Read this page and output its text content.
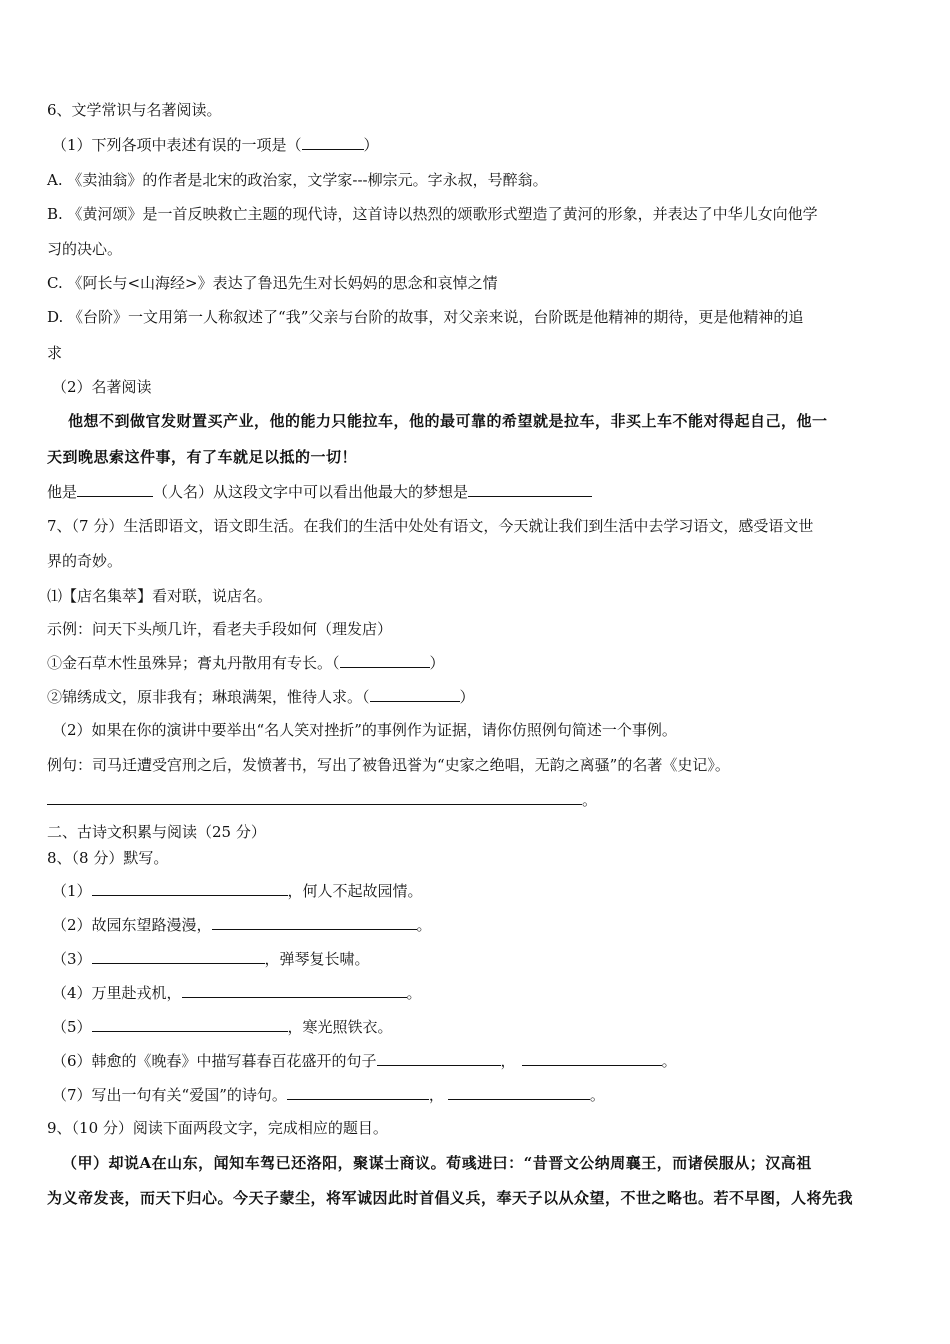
6、文学常识与名著阅读。
（1）下列各项中表述有误的一项是（	）
A. 《卖油翁》的作者是北宋的政治家，文学家---柳宗元。字永叔，号醉翁。
B. 《黄河颂》是一首反映救亡主题的现代诗，这首诗以热烈的颂歌形式塑造了黄河的形象，并表达了中华儿女向他学
习的决心。
C. 《阿长与<山海经>》表达了鲁迅先生对长妈妈的思念和哀悼之情
D. 《台阶》一文用第一人称叙述了“我”父亲与台阶的故事，对父亲来说，台阶既是他精神的期待，更是他精神的追
求
（2）名著阅读
他想不到做官发财置买产业，他的能力只能拉车，他的最可靠的希望就是拉车，非买上车不能对得起自己，他一
天到晚思索这件事，有了车就足以抵的一切！
他是	（人名）从这段文字中可以看出他最大的梦想是
7、（7 分）生活即语文，语文即生活。在我们的生活中处处有语文，今天就让我们到生活中去学习语文，感受语文世
界的奇妙。
⑴【店名集萃】看对联，说店名。
示例：问天下头颅几许，看老夫手段如何（理发店）
①金石草木性虽殊异；膏丸丹散用有专长。（	）
②锦绣成文，原非我有；琳琅满架，惟待人求。（	）
（2）如果在你的演讲中要举出“名人笑对挫折”的事例作为证据，请你仿照例句简述一个事例。
例句：司马迁遭受宫刑之后，发愤著书，写出了被鲁迅誉为“史家之绝唱，无韵之离骚”的名著《史记》。
。
二、古诗文积累与阅读（25 分）
8、（8 分）默写。
（1）	，何人不起故园情。
（2）故园东望路漫漫，	。
（3）	，弹琴复长啸。
（4）万里赴戎机，	。
（5）	，寒光照铁衣。
（6）韩愈的《晚春》中描写暮春百花盛开的句子	，	。
（7）写出一句有关“爱国”的诗句。	，	。
9、（10 分）阅读下面两段文字，完成相应的题目。
（甲）却说A在山东，闻知车驾已还洛阳，聚谋士商议。荀彧进曰：“昔晋文公纳周襄王，而诸侯服从；汉高祖
为义帝发丧，而天下归心。今天子蒙尘，将军诚因此时首倡义兵，奉天子以从众望，不世之略也。若不早图，人将先我
